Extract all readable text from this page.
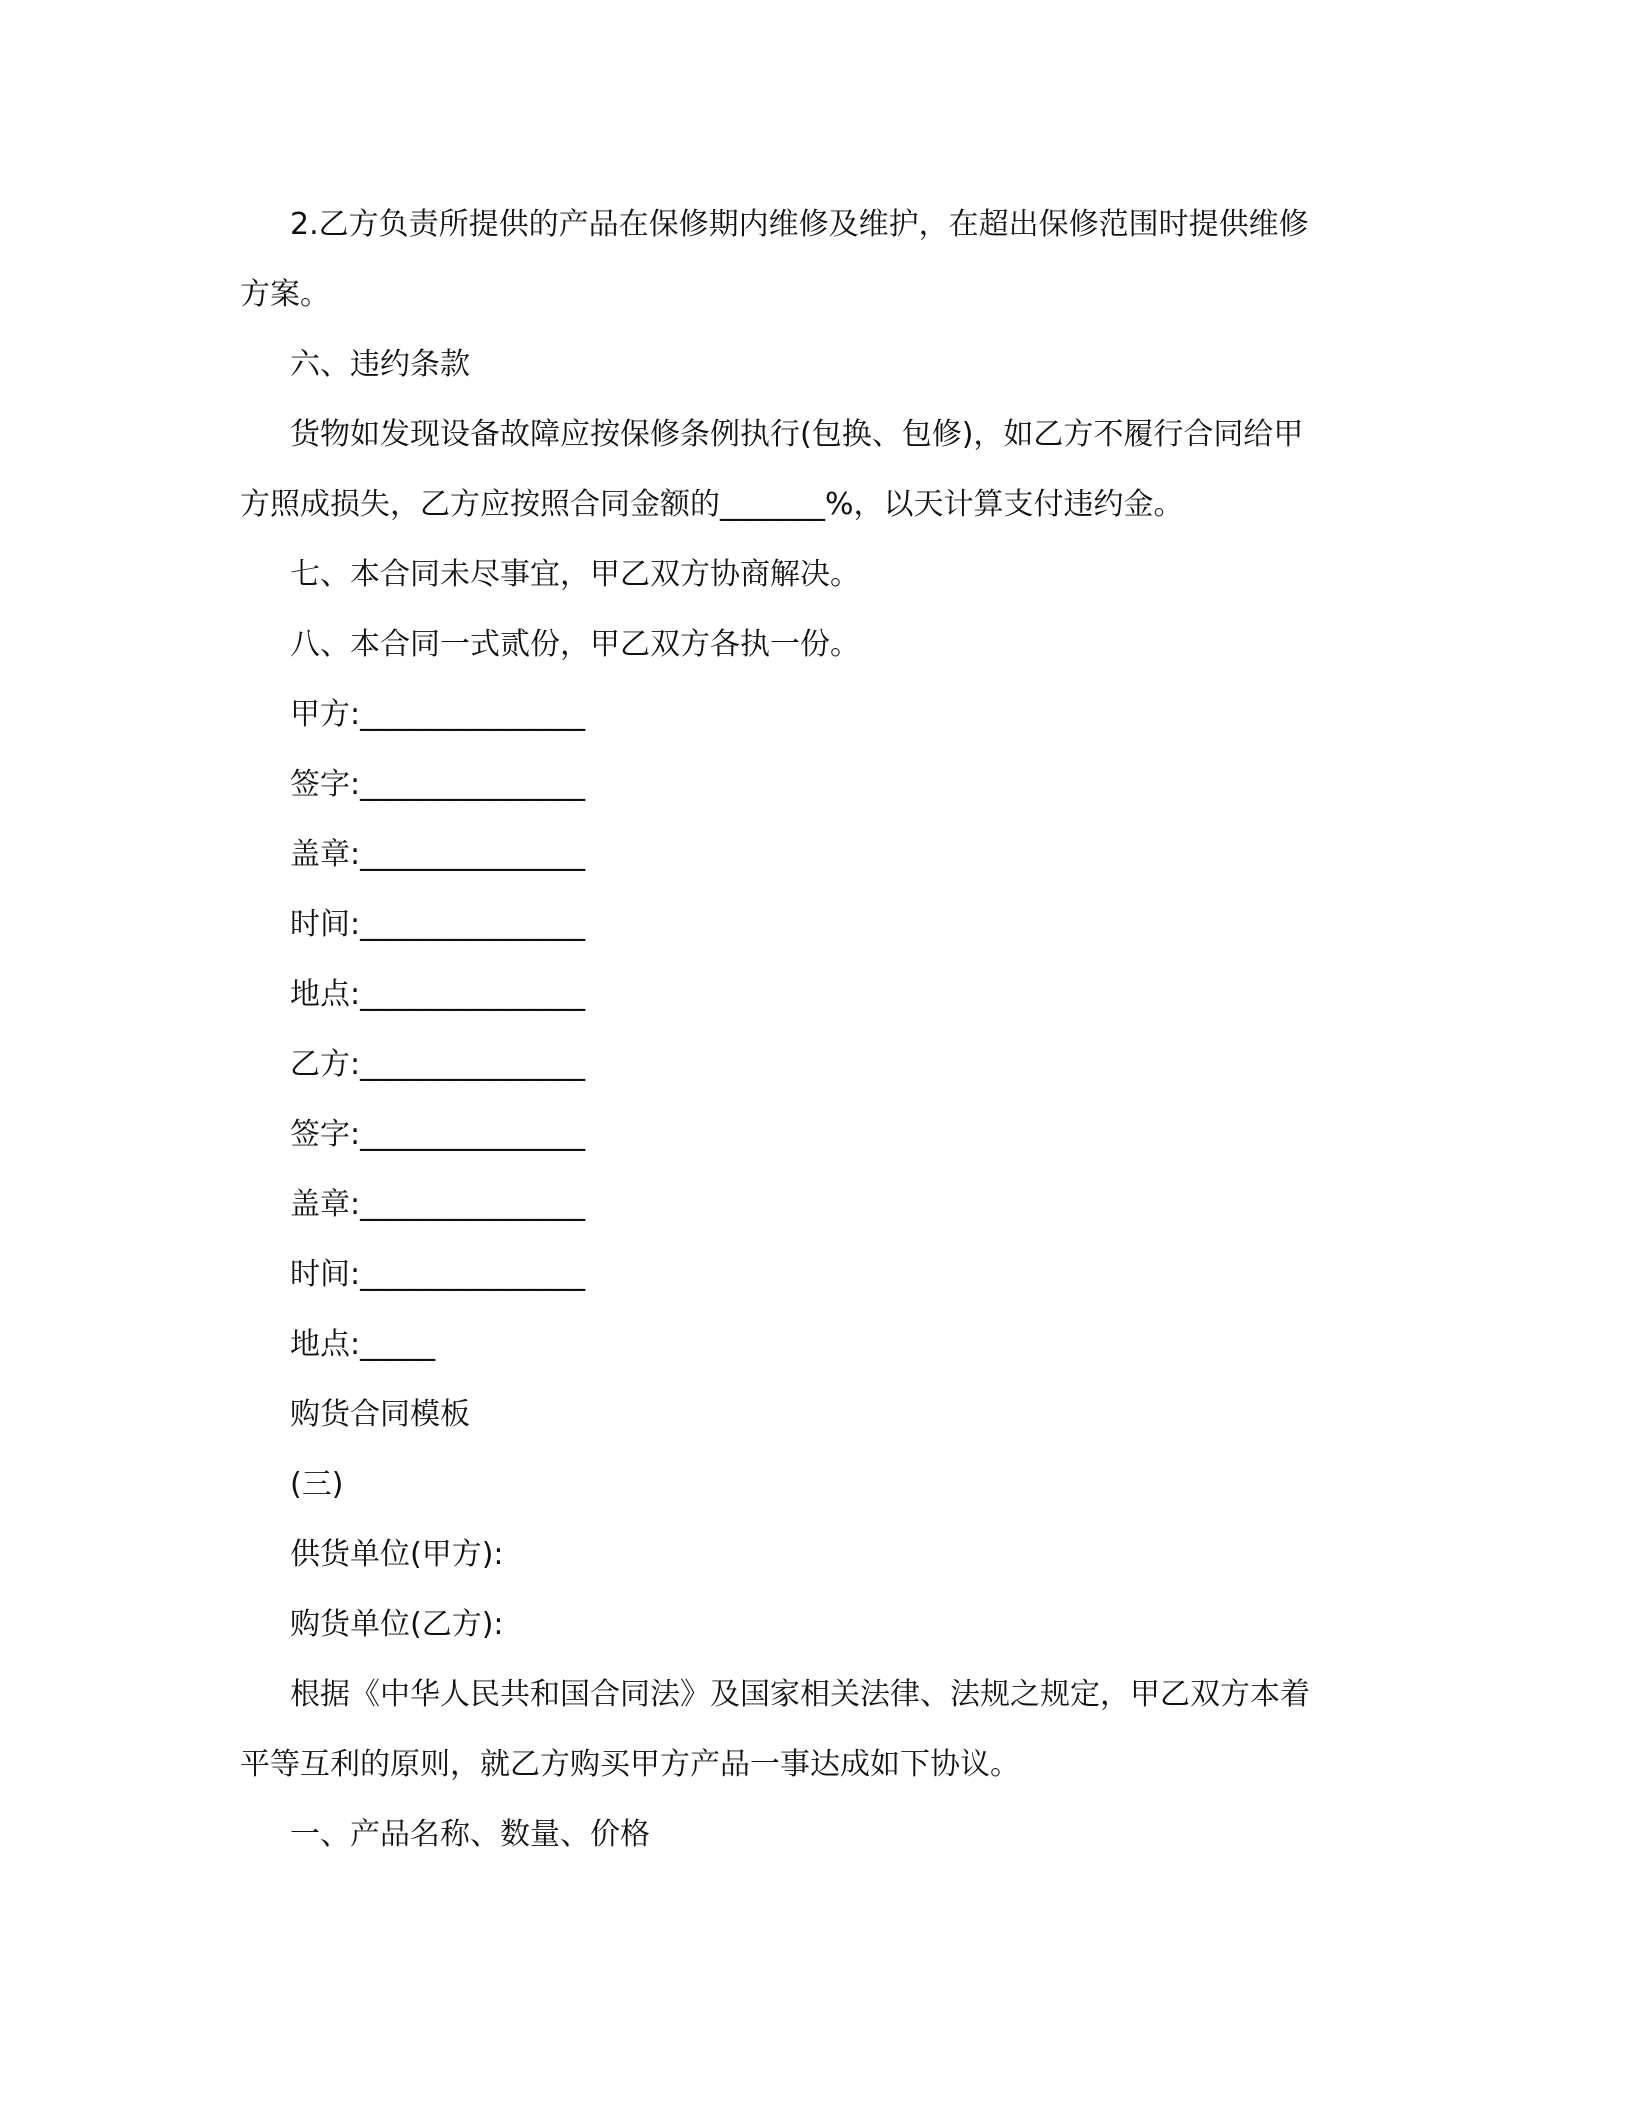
2.乙方负责所提供的产品在保修期内维修及维护，在超出保修范围时提供维修

方案。

六、违约条款

货物如发现设备故障应按保修条例执行(包换、包修)，如乙方不履行合同给甲

方照成损失，乙方应按照合同金额的_______%，以天计算支付违约金。

七、本合同未尽事宜，甲乙双方协商解决。

八、本合同一式贰份，甲乙双方各执一份。

甲方:_______________

签字:_______________

盖章:_______________

时间:_______________

地点:_______________

乙方:_______________

签字:_______________

盖章:_______________

时间:_______________

地点:_____

购货合同模板

(三)

供货单位(甲方):

购货单位(乙方):

根据《中华人民共和国合同法》及国家相关法律、法规之规定，甲乙双方本着

平等互利的原则，就乙方购买甲方产品一事达成如下协议。

一、产品名称、数量、价格
